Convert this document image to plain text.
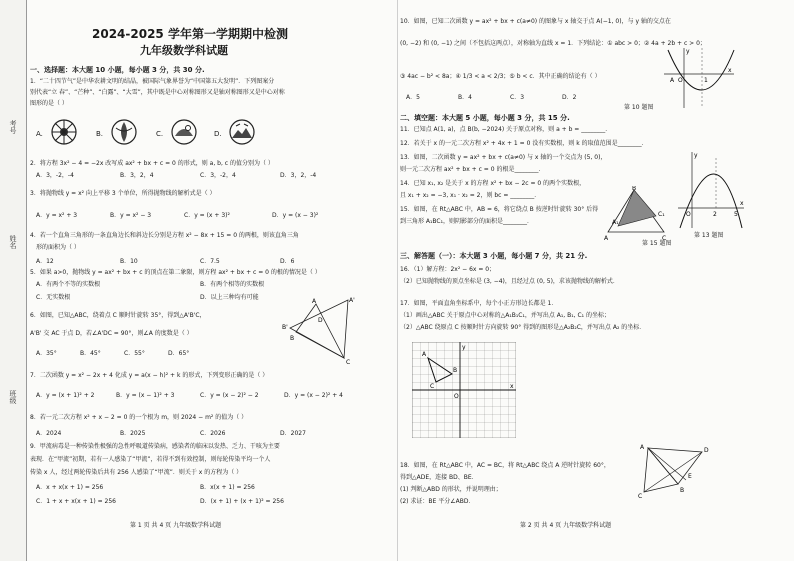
考号
姓名
班级
2024-2025 学年第一学期期中检测
九年级数学科试题
一、选择题：本大题 10 小题，每小题 3 分，共 30 分.
1．“二十四节气”是中华农耕文明的结晶，被国际气象界誉为“中国第五大发明”．下列图案分
别代表“立 春”、“芒种”、“白露”、“大雪”，其中既是中心对称图形又是轴对称图形又是中心对称
图形的是（ ）
A.	B.	C.	D.
2．将方程 3x² − 4 = −2x 改写成 ax² + bx + c = 0 的形式，则 a, b, c 的值分别为（ ）
A．3，-2，-4	B．3，2，4	C．3，-2，4	D．3，2，-4
3．将抛物线 y = x² 向上平移 3 个单位，所得抛物线的解析式是（ ）
A．y = x² + 3	B．y = x² − 3	C．y = (x + 3)²	D．y = (x − 3)²
4．若一个直角三角形的一条直角边长和斜边长分别是方程 x² − 8x + 15 = 0 的两根，则该直角三角
形的面积为（ ）
A．12	B．10	C．7.5	D．6
5．如果 a>0，抛物线 y = ax² + bx + c 的顶点在第二象限，则方程 ax² + bx + c = 0 的根的情况是（ ）
A．有两个不等的实数根	B．有两个相等的实数根
C．无实数根	D．以上三种均有可能
6．如图，已知△ABC，绕着点 C 顺时针旋转 35°，得到△A'B'C，
A'B' 交 AC 于点 D，若∠A'DC = 90°，则∠A 的度数是（ ）
A．35°	B．45°	C．55°	D．65°
A	A'
B'
D
B
C
7．二次函数 y = x² − 2x + 4 化成 y = a(x − h)² + k 的形式，下列变形正确的是（ ）
A．y = (x + 1)² + 2	B．y = (x − 1)² + 3	C．y = (x − 2)² − 2	D．y = (x − 2)² + 4
8．若一元二次方程 x² + x − 2 = 0 的一个根为 m，则 2024 − m² 的值为（ ）
A．2024	B．2025	C．2026	D．2027
9．甲流病毒是一种传染性极强的急性呼吸道传染病，感染者的临床以发热、乏力、干咳为主要
表现．在“甲流”初期，若有一人感染了“甲流”，若得不到有效控制，则每轮传染平均一个人
传染 x 人，经过两轮传染后共有 256 人感染了“甲流”．则关于 x 的方程为（ ）
A．x + x(x + 1) = 256	B．x(x + 1) = 256
C．1 + x + x(x + 1) = 256	D．(x + 1) + (x + 1)² = 256
第 1 页 共 4 页 九年级数学科试题
10．如图，已知二次函数 y = ax² + bx + c(a≠0) 的图象与 x 轴交于点 A(−1, 0)，与 y 轴的交点在
(0, −2) 和 (0, −1) 之间（不包括这两点），对称轴为直线 x = 1．下列结论：① abc > 0；② 4a + 2b + c > 0；
③ 4ac − b² < 8a；④ 1/3 < a < 2/3；⑤ b < c．其中正确的结论有（ ）
A．5	B．4	C．3	D．2
A O	1
x
y
第 10 题图
二、填空题：本大题 5 小题，每小题 3 分，共 15 分.
11．已知点 A(1, a)，点 B(b, −2024) 关于原点对称，则 a + b = ________．
12．若关于 x 的一元二次方程 x² + 4x + 1 = 0 没有实数根，则 k 的取值范围是________．
13．如图，二次函数 y = ax² + bx + c(a≠0) 与 x 轴的一个交点为 (5, 0)，
则一元二次方程 ax² + bx + c = 0 的根是________．
14．已知 x₁, x₂ 是关于 x 的方程 x² + bx − 2c = 0 的两个实数根，
且 x₁ + x₂ = −3, x₁ · x₂ = 2，则 bc = ________．
15．如图，在 Rt△ABC 中，AB = 6，将它绕点 B 按逆时针旋转 30° 后得
到三角形 A₁BC₁，则阴影部分的面积是________．
A
A₁
B
C
C₁
第 15 题图
O	2	5
x
y
第 13 题图
三、解答题（一）：本大题 3 小题，每小题 7 分，共 21 分.
16．（1）解方程：2x² − 6x = 0；
（2）已知抛物线的顶点坐标是 (3, −4)，且经过点 (0, 5)，求该抛物线的解析式．
17．如图，平面直角坐标系中，每个小正方形边长都是 1．
（1）画出△ABC 关于原点中心对称的△A₁B₁C₁，并写出点 A₁, B₁, C₁ 的坐标；
（2）△ABC 绕原点 C 按顺时针方向旋转 90° 得到的图形是△A₂B₂C，并写出点 A₂ 的坐标．
A
B
C
O
x
y
18．如图，在 Rt△ABC 中，AC = BC，将 Rt△ABC 绕点 A 逆时针旋转 60°，
得到△ADE，连接 BD、BE．
(1) 判断△ABD 的形状，并说明理由；
(2) 求证：BE 平分∠ABD．
A
B
C
D
E
第 2 页 共 4 页 九年级数学科试题
